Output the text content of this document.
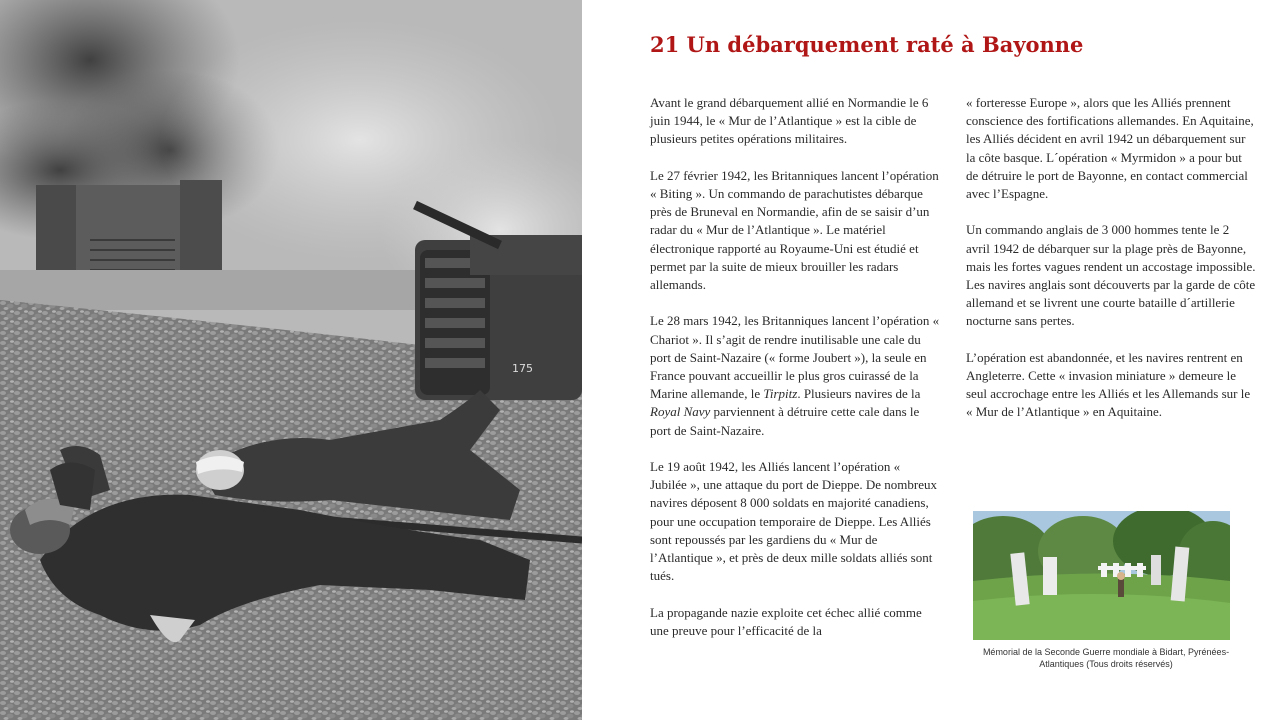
175
21 Un débarquement raté à Bayonne

Avant le grand débarquement allié en Normandie le 6 juin 1944, le « Mur de l’Atlantique » est la cible de plusieurs petites opérations militaires.

Le 27 février 1942, les Britanniques lancent l’opération « Biting ». Un commando de parachutistes débarque près de Bruneval en Normandie, afin de se saisir d’un radar du « Mur de l’Atlantique ». Le matériel électronique rapporté au Royaume-Uni est étudié et permet par la suite de mieux brouiller les radars allemands.

Le 28 mars 1942, les Britanniques lancent l’opération « Chariot ». Il s’agit de rendre inutilisable une cale du port de Saint-Nazaire (« forme Joubert »), la seule en France pouvant accueillir le plus gros cuirassé de la Marine allemande, le Tirpitz. Plusieurs navires de la Royal Navy parviennent à détruire cette cale dans le port de Saint-Nazaire.

Le 19 août 1942, les Alliés lancent l’opération « Jubilée », une attaque du port de Dieppe. De nombreux navires déposent 8 000 soldats en majorité canadiens, pour une occupation temporaire de Dieppe. Les Alliés sont repoussés par les gardiens du « Mur de l’Atlantique », et près de deux mille soldats alliés sont tués.

La propagande nazie exploite cet échec allié comme une preuve pour l’efficacité de la

« forteresse Europe », alors que les Alliés prennent conscience des fortifications allemandes. En Aquitaine, les Alliés décident en avril 1942 un débarquement sur la côte basque. L´opération « Myrmidon » a pour but de détruire le port de Bayonne, en contact commercial avec l’Espagne.

Un commando anglais de 3 000 hommes tente le 2 avril 1942 de débarquer sur la plage près de Bayonne, mais les fortes vagues rendent un accostage impossible. Les navires anglais sont découverts par la garde de côte allemand et se livrent une courte bataille d´artillerie nocturne sans pertes.

L’opération est abandonnée, et les navires rentrent en Angleterre. Cette « invasion miniature » demeure le seul accrochage entre les Alliés et les Allemands sur le « Mur de l’Atlantique » en Aquitaine.

Mémorial de la Seconde Guerre mondiale à Bidart, Pyrénées-Atlantiques (Tous droits réservés)
